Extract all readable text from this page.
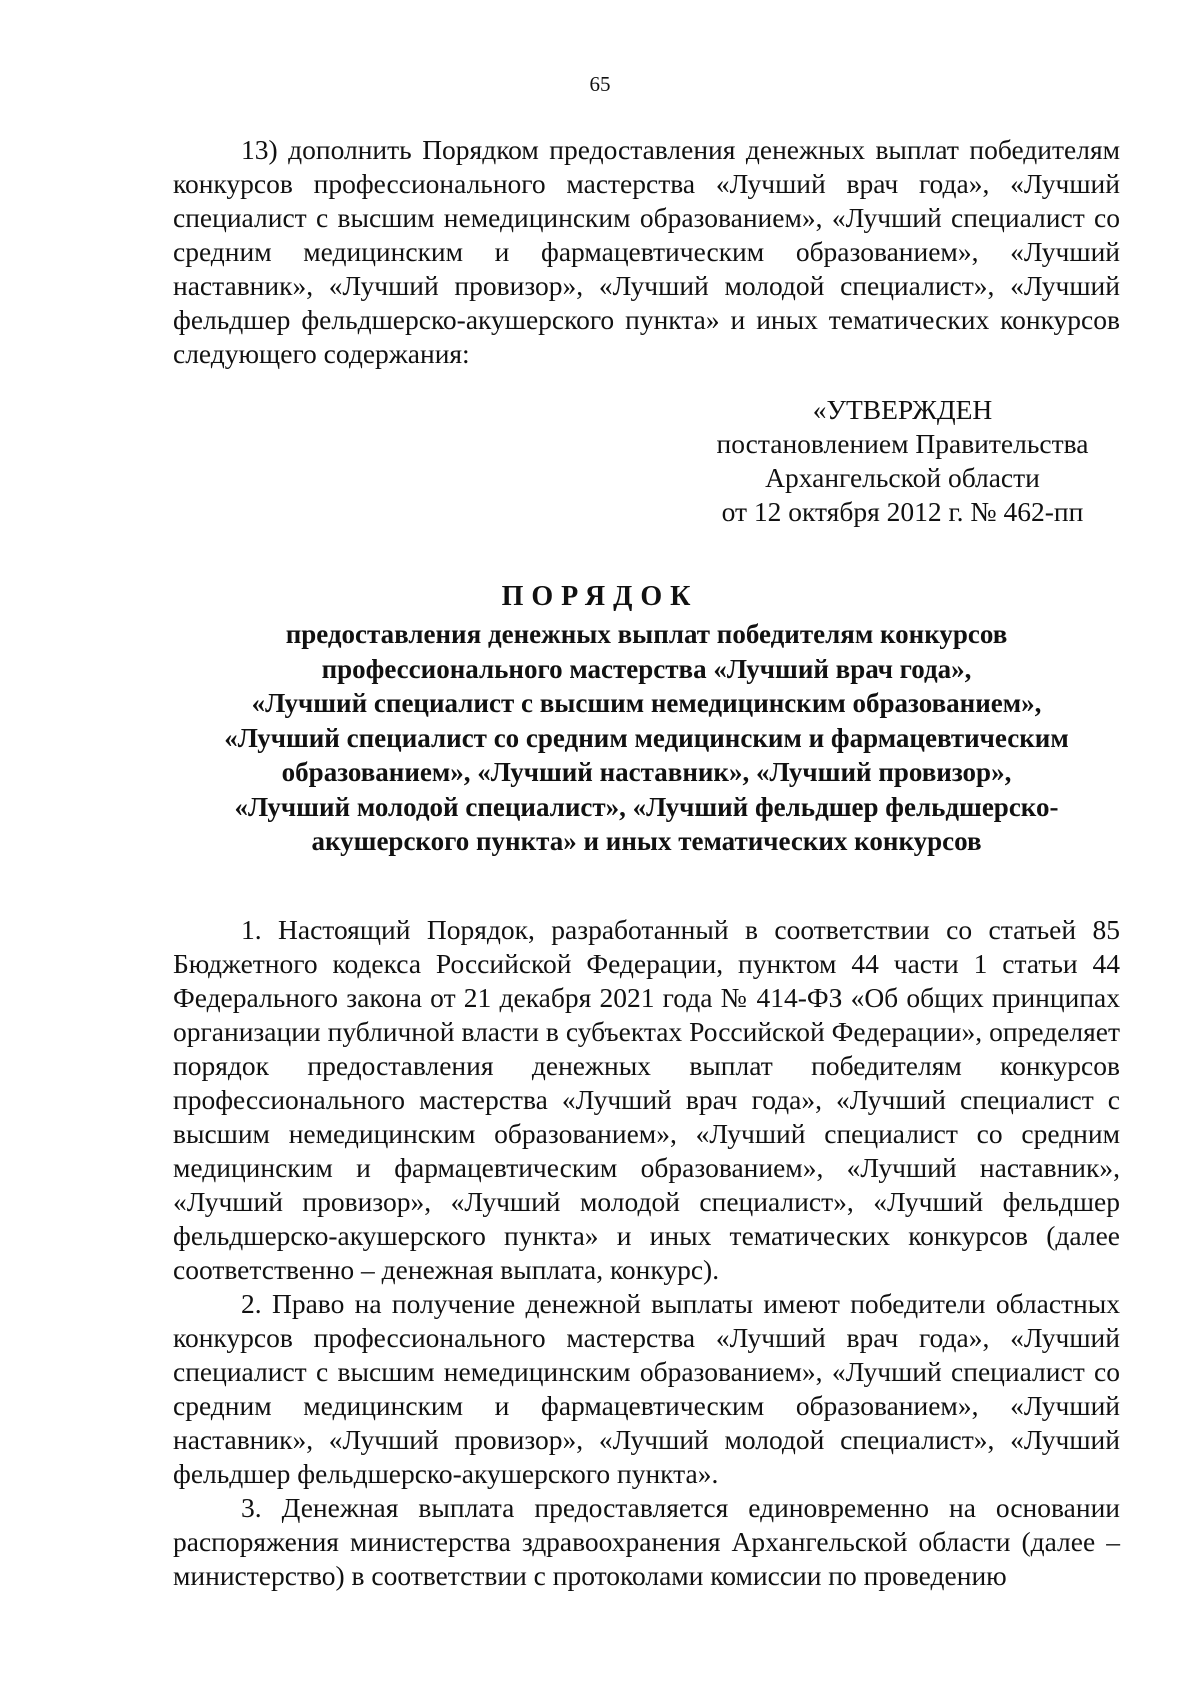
65

13) дополнить Порядком предоставления денежных выплат победителям конкурсов профессионального мастерства «Лучший врач года», «Лучший специалист с высшим немедицинским образованием», «Лучший специалист со средним медицинским и фармацевтическим образованием», «Лучший наставник», «Лучший провизор», «Лучший молодой специалист», «Лучший фельдшер фельдшерско-акушерского пункта» и иных тематических конкурсов следующего содержания:

«УТВЕРЖДЕН
постановлением Правительства
Архангельской области
от 12 октября 2012 г. № 462-пп
ПОРЯДОК
предоставления денежных выплат победителям конкурсов
профессионального мастерства «Лучший врач года»,
«Лучший специалист с высшим немедицинским образованием»,
«Лучший специалист со средним медицинским и фармацевтическим
образованием», «Лучший наставник», «Лучший провизор»,
«Лучший молодой специалист», «Лучший фельдшер фельдшерско-
акушерского пункта» и иных тематических конкурсов

1. Настоящий Порядок, разработанный в соответствии со статьей 85 Бюджетного кодекса Российской Федерации, пунктом 44 части 1 статьи 44 Федерального закона от 21 декабря 2021 года № 414-ФЗ «Об общих принципах организации публичной власти в субъектах Российской Федерации», определяет порядок предоставления денежных выплат победителям конкурсов профессионального мастерства «Лучший врач года», «Лучший специалист с высшим немедицинским образованием», «Лучший специалист со средним медицинским и фармацевтическим образованием», «Лучший наставник», «Лучший провизор», «Лучший молодой специалист», «Лучший фельдшер фельдшерско-акушерского пункта» и иных тематических конкурсов (далее соответственно – денежная выплата, конкурс).

2. Право на получение денежной выплаты имеют победители областных конкурсов профессионального мастерства «Лучший врач года», «Лучший специалист с высшим немедицинским образованием», «Лучший специалист со средним медицинским и фармацевтическим образованием», «Лучший наставник», «Лучший провизор», «Лучший молодой специалист», «Лучший фельдшер фельдшерско-акушерского пункта».

3. Денежная выплата предоставляется единовременно на основании распоряжения министерства здравоохранения Архангельской области (далее – министерство) в соответствии с протоколами комиссии по проведению
